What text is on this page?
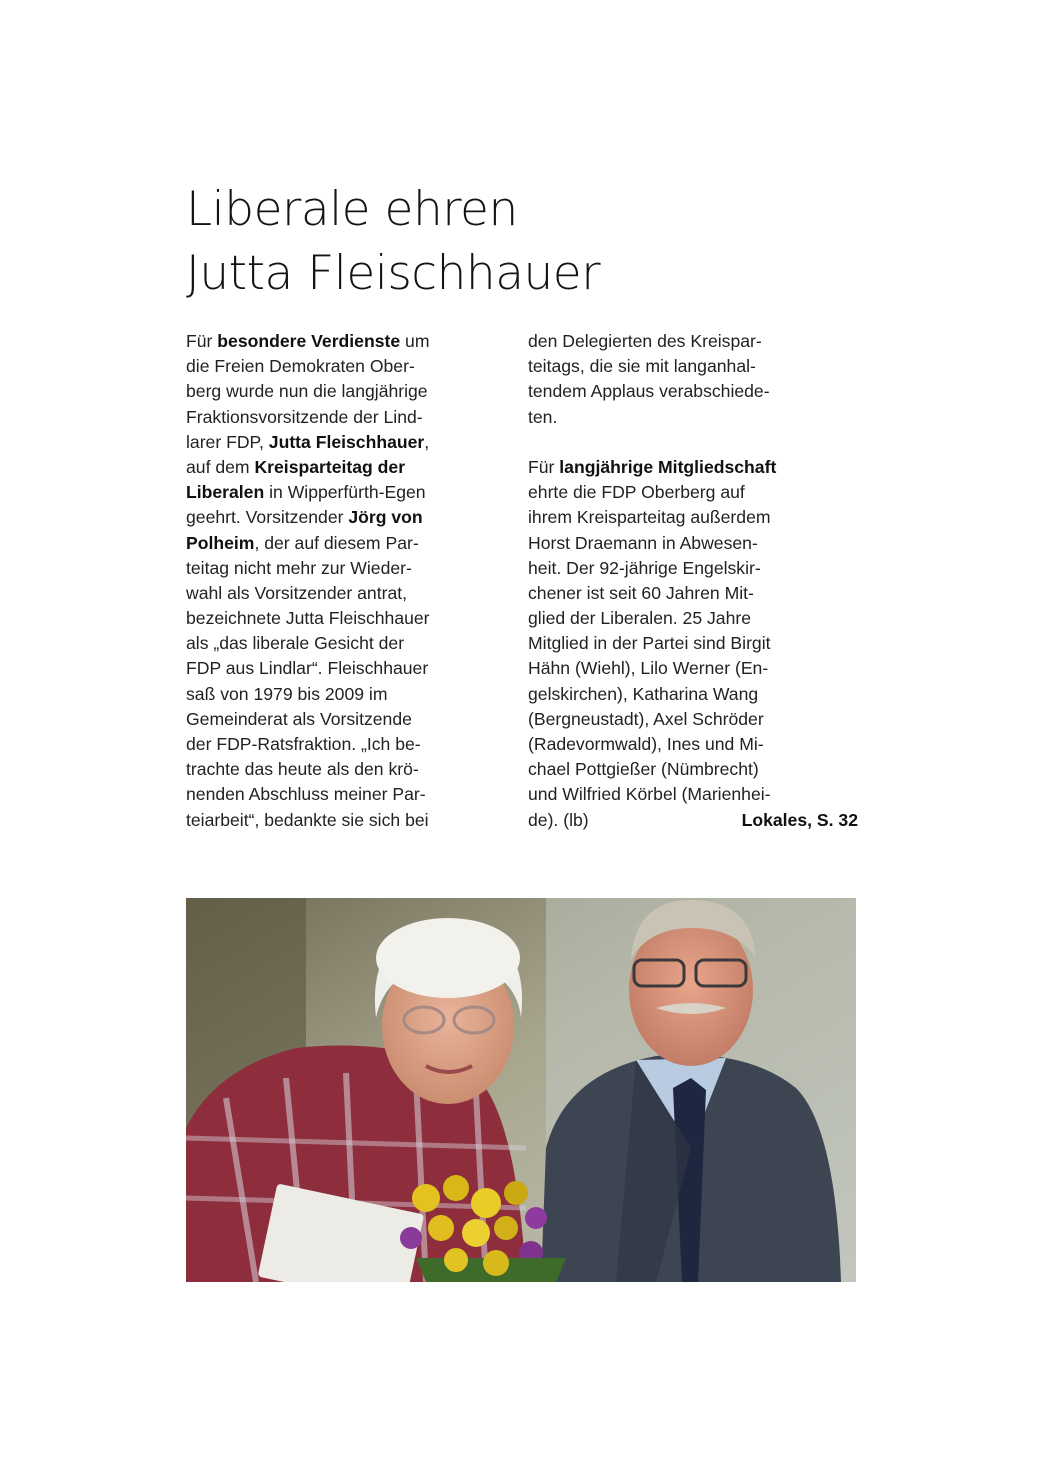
Liberale ehren
Jutta Fleischhauer
Für besondere Verdienste um
die Freien Demokraten Ober-
berg wurde nun die langjährige
Fraktionsvorsitzende der Lind-
larer FDP, Jutta Fleischhauer,
auf dem Kreisparteitag der
Liberalen in Wipperfürth-Egen
geehrt. Vorsitzender Jörg von
Polheim, der auf diesem Par-
teitag nicht mehr zur Wieder-
wahl als Vorsitzender antrat,
bezeichnete Jutta Fleischhauer
als „das liberale Gesicht der
FDP aus Lindlar“. Fleischhauer
saß von 1979 bis 2009 im
Gemeinderat als Vorsitzende
der FDP-Ratsfraktion. „Ich be-
trachte das heute als den krö-
nenden Abschluss meiner Par-
teiarbeit“, bedankte sie sich bei
den Delegierten des Kreispar-
teitags, die sie mit langanhal-
tendem Applaus verabschiede-
ten.
Für langjährige Mitgliedschaft
ehrte die FDP Oberberg auf
ihrem Kreisparteitag außerdem
Horst Draemann in Abwesen-
heit. Der 92-jährige Engelskir-
chener ist seit 60 Jahren Mit-
glied der Liberalen. 25 Jahre
Mitglied in der Partei sind Birgit
Hähn (Wiehl), Lilo Werner (En-
gelskirchen), Katharina Wang
(Bergneustadt), Axel Schröder
(Radevormwald), Ines und Mi-
chael Pottgießer (Nümbrecht)
und Wilfried Körbel (Marienhei-
de). (lb)	Lokales, S. 32
